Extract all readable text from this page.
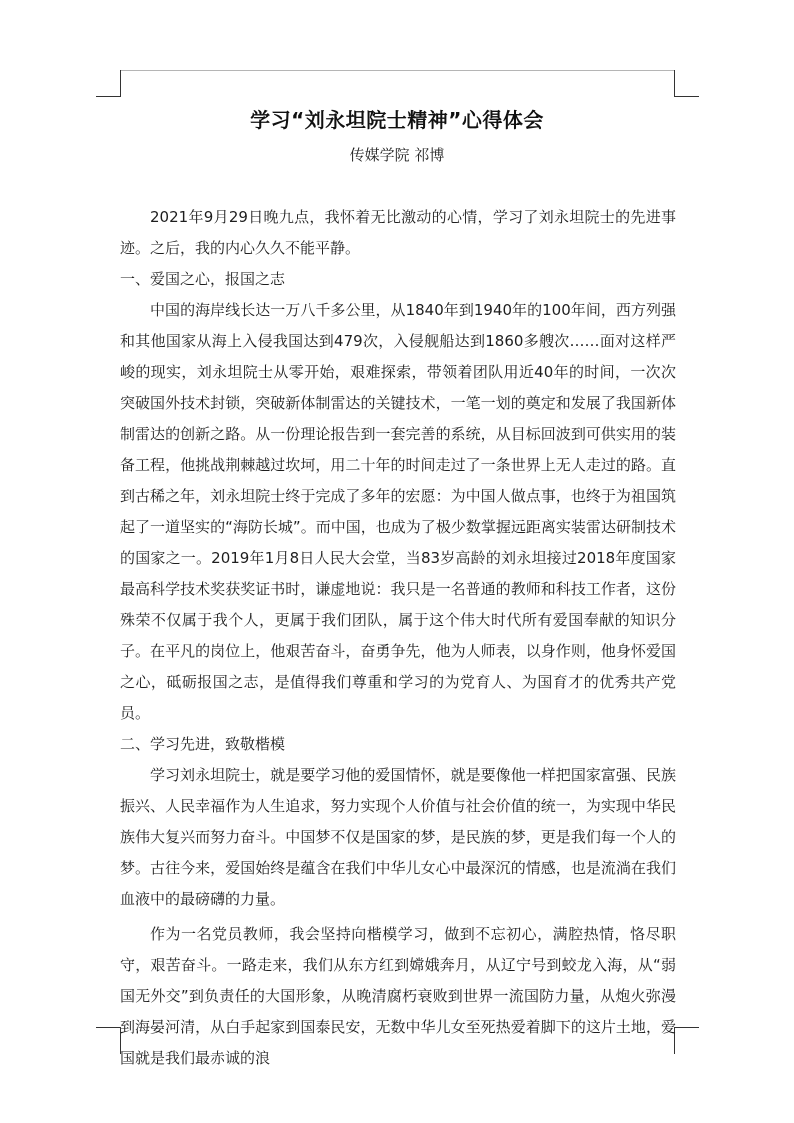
学习“刘永坦院士精神”心得体会
传媒学院 祁博

2021年9月29日晚九点，我怀着无比激动的心情，学习了刘永坦院士的先进事迹。之后，我的内心久久不能平静。

一、爱国之心，报国之志

中国的海岸线长达一万八千多公里，从1840年到1940年的100年间，西方列强和其他国家从海上入侵我国达到479次，入侵舰船达到1860多艘次……面对这样严峻的现实，刘永坦院士从零开始，艰难探索，带领着团队用近40年的时间，一次次突破国外技术封锁，突破新体制雷达的关键技术，一笔一划的奠定和发展了我国新体制雷达的创新之路。从一份理论报告到一套完善的系统，从目标回波到可供实用的装备工程，他挑战荆棘越过坎坷，用二十年的时间走过了一条世界上无人走过的路。直到古稀之年，刘永坦院士终于完成了多年的宏愿：为中国人做点事，也终于为祖国筑起了一道坚实的“海防长城”。而中国，也成为了极少数掌握远距离实装雷达研制技术的国家之一。2019年1月8日人民大会堂，当83岁高龄的刘永坦接过2018年度国家最高科学技术奖获奖证书时，谦虚地说：我只是一名普通的教师和科技工作者，这份殊荣不仅属于我个人，更属于我们团队，属于这个伟大时代所有爱国奉献的知识分子。在平凡的岗位上，他艰苦奋斗，奋勇争先，他为人师表，以身作则，他身怀爱国之心，砥砺报国之志，是值得我们尊重和学习的为党育人、为国育才的优秀共产党员。

二、学习先进，致敬楷模

学习刘永坦院士，就是要学习他的爱国情怀，就是要像他一样把国家富强、民族振兴、人民幸福作为人生追求，努力实现个人价值与社会价值的统一，为实现中华民族伟大复兴而努力奋斗。中国梦不仅是国家的梦，是民族的梦，更是我们每一个人的梦。古往今来，爱国始终是蕴含在我们中华儿女心中最深沉的情感，也是流淌在我们血液中的最磅礴的力量。

作为一名党员教师，我会坚持向楷模学习，做到不忘初心，满腔热情，恪尽职守，艰苦奋斗。一路走来，我们从东方红到嫦娥奔月，从辽宁号到蛟龙入海，从“弱国无外交”到负责任的大国形象，从晚清腐朽衰败到世界一流国防力量，从炮火弥漫到海晏河清，从白手起家到国泰民安，无数中华儿女至死热爱着脚下的这片土地，爱国就是我们最赤诚的浪
